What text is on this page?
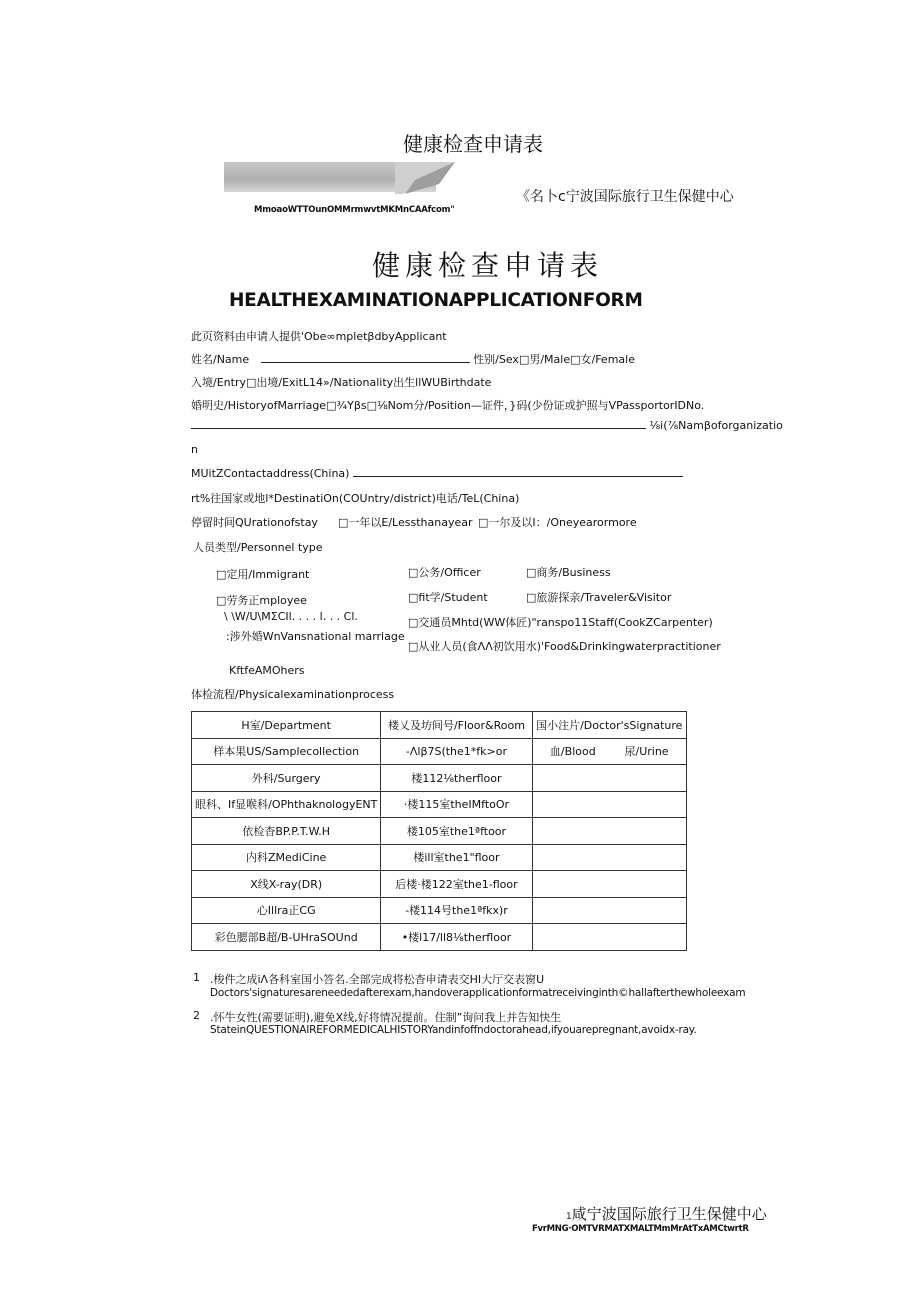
健康检查申请表
MmoaoWTTOunOMMrmwvtMKMnCAAfcom"
《名卜c宁波国际旅行卫生保健中心
健康检查申请表
HEALTHEXAMINATIONAPPLICATIONFORM
此页资料由申请人提供'Obe∞mpletβdbyApplicant
姓名/Name	性别/Sex□男/Male□女/Female
入境/Entry□出境/ExitL14»/Nationality出生llWUBirthdate
婚明史/HistoryofMarriage□¾Yβs□⅛Nom分/Position—证件，}码(少份证或护照与VPassportorIDNo.
⅛i(⅞Namβoforganizatio
n
MUitZContactaddress(China)
rt%往国家或地l*DestinatiOn(COUntry/district)电话/TeL(China)
停留时间QUrationofstay □一年以E/Lessthanayear □一尔及以I：/Oneyearormore
人员类型/Personnel type
□定用/Immigrant	□公务/Officer	□商务/Business
□劳务正mployee	□fit学/Student	□旅游探亲/Traveler&Visitor
\ \W/U\MΣCIl. . . . l. . . Cl.	□交通员Mhtd(WW体匠)"ranspo11Staff(CookZCarpenter)
:涉外婚WnVansnational marriage
□从业人员(食ΛΛ初饮用水)'Food&Drinkingwaterpractitioner
KftfeAMOhers
体检流程/Physicalexaminationprocess
H室/Department	楼乂及坊间号/Floor&Room	国小注片/Doctor'sSignature
样本果US/Samplecollection	-Λlβ7S(the1*fk>or	血/Blood 尿/Urine

外科/Surgery	楼112⅛therfloor	
眼科、If显喉科/OPhthaknologyENT	·楼115室theIMftoOr	
依检杳BP.P.T.W.H	楼105室the1ªftoor	
内科ZMediCine	楼ill室the1"floor	
X线X-ray(DR)	后楼·楼122室the1-floor	
心Illra正CG	-楼114号the1ªfkx)r	
彩色腮部B超/B-UHraSOUnd	•楼l17/ll8⅛therfloor	
1 .梭件之成iΛ各科室国小答名.全部完成将松杳申请表交HI大厅交表窗U
Doctors'signaturesareneededafterexam,handoverapplicationformatreceivinginth©hallafterthewholeexam
2 .怀牛女性(需要证明),避免X线,好将情况提前。住制”询问我上并告知快生
StateinQUESTIONAIREFORMEDICALHISTORYandinfoffndoctorahead,ifyouarepregnant,avoidx-ray.
1咸宁波国际旅行卫生保健中心
FvrMNG·OMTVRMATXMALTMmMrAtTxAMCtwrtR
